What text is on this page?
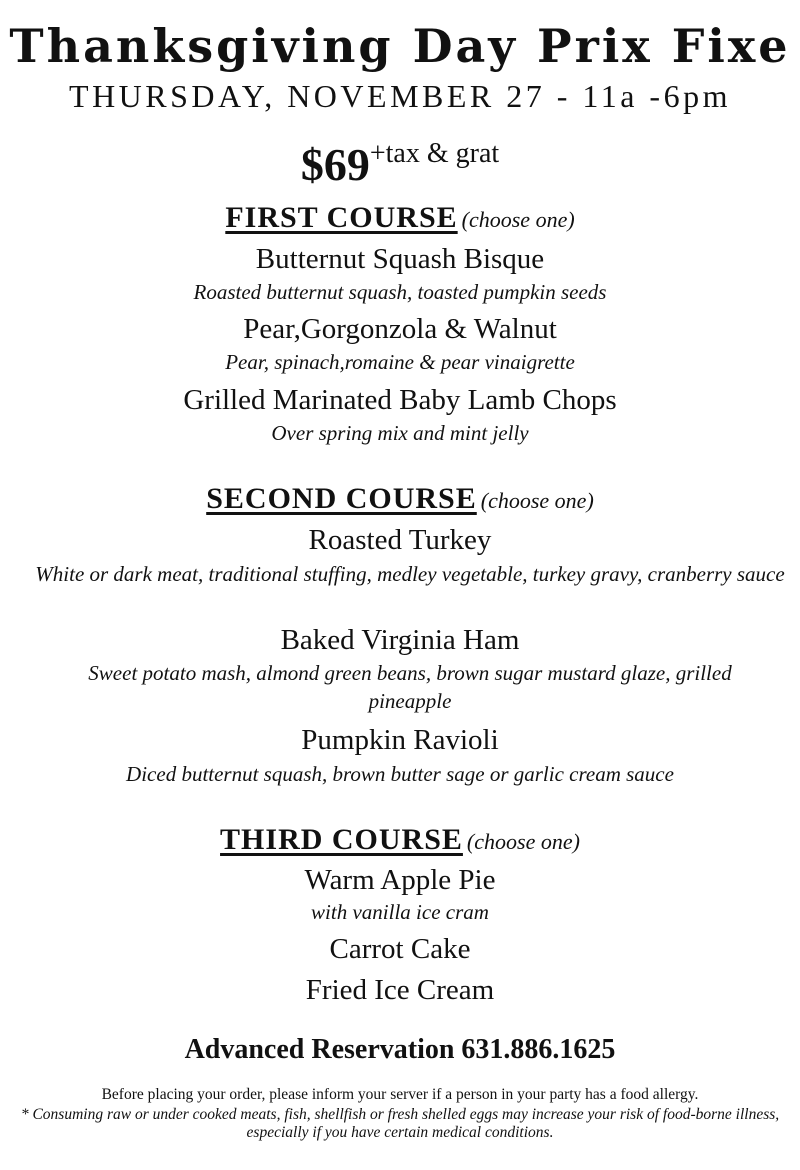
Thanksgiving Day Prix Fixe
THURSDAY, NOVEMBER 27 - 11a -6pm
$69+tax & grat
FIRST COURSE (choose one)
Butternut Squash Bisque
Roasted butternut squash, toasted pumpkin seeds
Pear,Gorgonzola & Walnut
Pear, spinach,romaine & pear vinaigrette
Grilled Marinated Baby Lamb Chops
Over spring mix and mint jelly
SECOND COURSE (choose one)
Roasted Turkey
White or dark meat, traditional stuffing, medley vegetable, turkey gravy, cranberry sauce
Baked Virginia Ham
Sweet potato mash, almond green beans, brown sugar mustard glaze, grilled pineapple
Pumpkin Ravioli
Diced butternut squash, brown butter sage or garlic cream sauce
THIRD COURSE (choose one)
Warm Apple Pie
with vanilla ice cram
Carrot Cake
Fried Ice Cream
Advanced Reservation 631.886.1625
Before placing your order, please inform your server if a person in your party has a food allergy.
* Consuming raw or under cooked meats, fish, shellfish or fresh shelled eggs may increase your risk of food-borne illness, especially if you have certain medical conditions.
